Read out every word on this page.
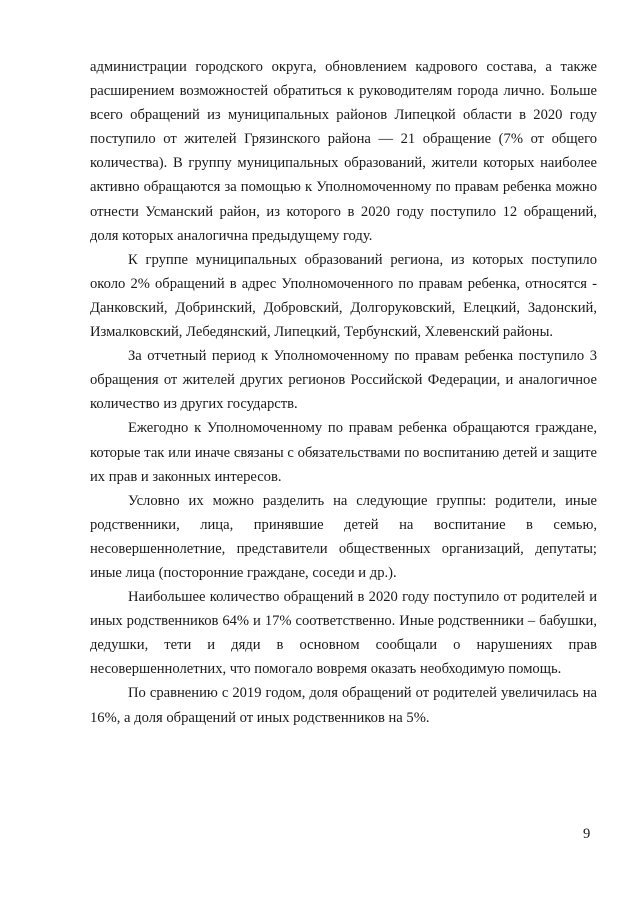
администрации городского округа, обновлением кадрового состава, а также расширением возможностей обратиться к руководителям города лично. Больше всего обращений из муниципальных районов Липецкой области в 2020 году поступило от жителей Грязинского района — 21 обращение (7% от общего количества). В группу муниципальных образований, жители которых наиболее активно обращаются за помощью к Уполномоченному по правам ребенка можно отнести Усманский район, из которого в 2020 году поступило 12 обращений, доля которых аналогична предыдущему году.

К группе муниципальных образований региона, из которых поступило около 2% обращений в адрес Уполномоченного по правам ребенка, относятся - Данковский, Добринский, Добровский, Долгоруковский, Елецкий, Задонский, Измалковский, Лебедянский, Липецкий, Тербунский, Хлевенский районы.

За отчетный период к Уполномоченному по правам ребенка поступило 3 обращения от жителей других регионов Российской Федерации, и аналогичное количество из других государств.

Ежегодно к Уполномоченному по правам ребенка обращаются граждане, которые так или иначе связаны с обязательствами по воспитанию детей и защите их прав и законных интересов.

Условно их можно разделить на следующие группы: родители, иные родственники, лица, принявшие детей на воспитание в семью, несовершеннолетние, представители общественных организаций, депутаты; иные лица (посторонние граждане, соседи и др.).

Наибольшее количество обращений в 2020 году поступило от родителей и иных родственников 64% и 17% соответственно. Иные родственники – бабушки, дедушки, тети и дяди в основном сообщали о нарушениях прав несовершеннолетних, что помогало вовремя оказать необходимую помощь.

По сравнению с 2019 годом, доля обращений от родителей увеличилась на 16%, а доля обращений от иных родственников на 5%.

9
